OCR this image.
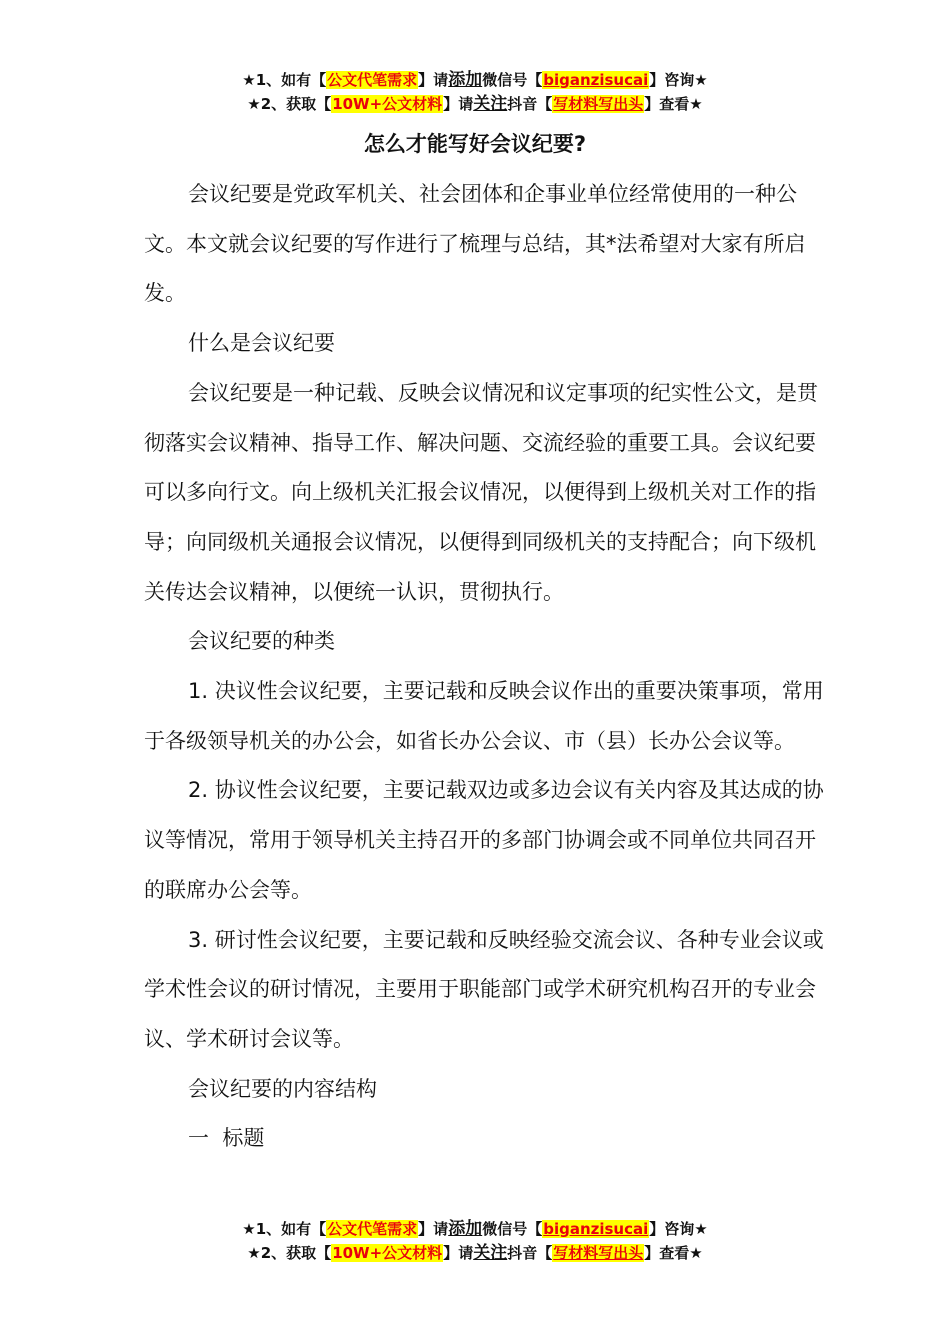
★1、如有【公文代笔需求】请添加微信号【biganzisucai】咨询★
★2、获取【10W+公文材料】请关注抖音【写材料写出头】查看★
怎么才能写好会议纪要?

会议纪要是党政军机关、社会团体和企事业单位经常使用的一种公文。本文就会议纪要的写作进行了梳理与总结，其*法希望对大家有所启发。

什么是会议纪要

会议纪要是一种记载、反映会议情况和议定事项的纪实性公文，是贯彻落实会议精神、指导工作、解决问题、交流经验的重要工具。会议纪要可以多向行文。向上级机关汇报会议情况，以便得到上级机关对工作的指导；向同级机关通报会议情况，以便得到同级机关的支持配合；向下级机关传达会议精神，以便统一认识，贯彻执行。

会议纪要的种类

1. 决议性会议纪要，主要记载和反映会议作出的重要决策事项，常用于各级领导机关的办公会，如省长办公会议、市（县）长办公会议等。

2. 协议性会议纪要，主要记载双边或多边会议有关内容及其达成的协议等情况，常用于领导机关主持召开的多部门协调会或不同单位共同召开的联席办公会等。

3. 研讨性会议纪要，主要记载和反映经验交流会议、各种专业会议或学术性会议的研讨情况，主要用于职能部门或学术研究机构召开的专业会议、学术研讨会议等。

会议纪要的内容结构

一  标题

★1、如有【公文代笔需求】请添加微信号【biganzisucai】咨询★
★2、获取【10W+公文材料】请关注抖音【写材料写出头】查看★
